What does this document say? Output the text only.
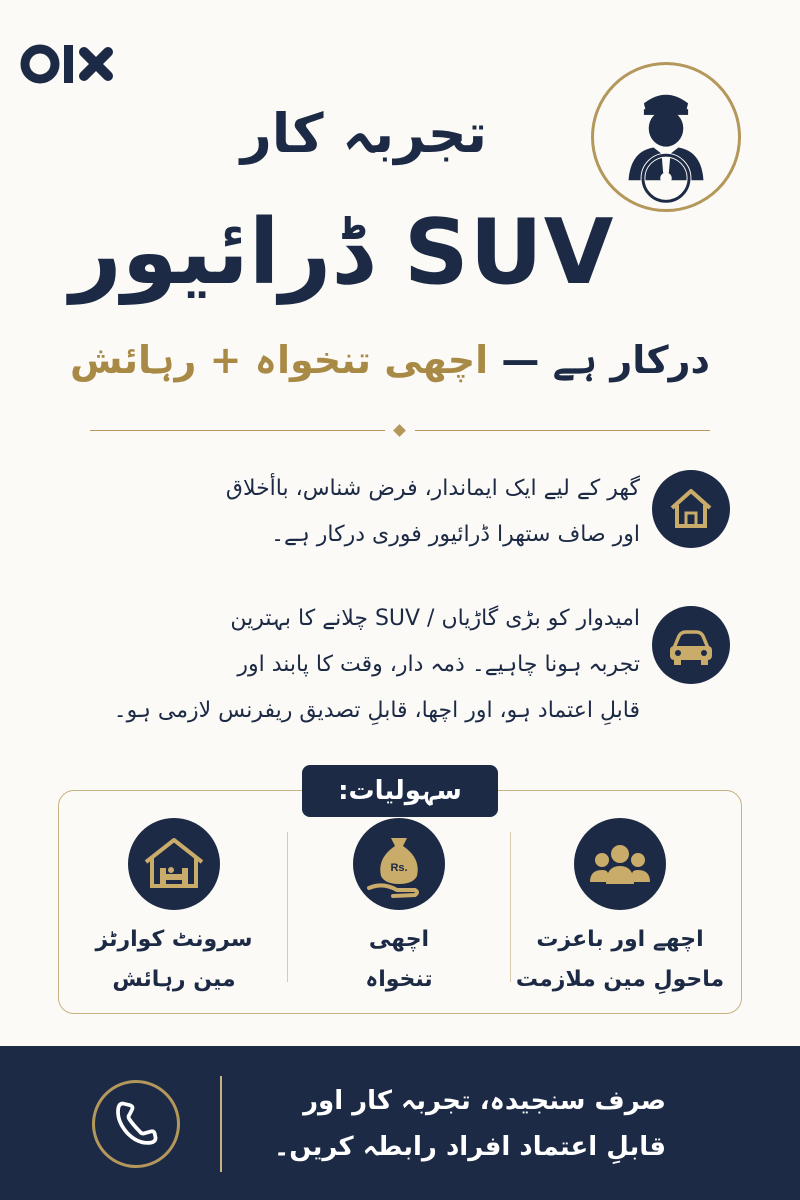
تجربہ کار
SUV ڈرائیور
درکار ہے — اچھی تنخواہ + رہائش
گھر کے لیے ایک ایماندار، فرض شناس، باأخلاق
اور صاف ستھرا ڈرائیور فوری درکار ہے۔
امیدوار کو بڑی گاڑیاں / SUV چلانے کا بہترین
تجربہ ہونا چاہیے۔ ذمہ دار، وقت کا پابند اور
قابلِ اعتماد ہو، اور اچھا، قابلِ تصدیق ریفرنس لازمی ہو۔
سہولیات:
اچھے اور باعزت
ماحولِ مین ملازمت
Rs.
اچھی
تنخواہ
سرونٹ کوارٹز
مین رہائش
صرف سنجیدہ، تجربہ کار اور
قابلِ اعتماد افراد رابطہ کریں۔
